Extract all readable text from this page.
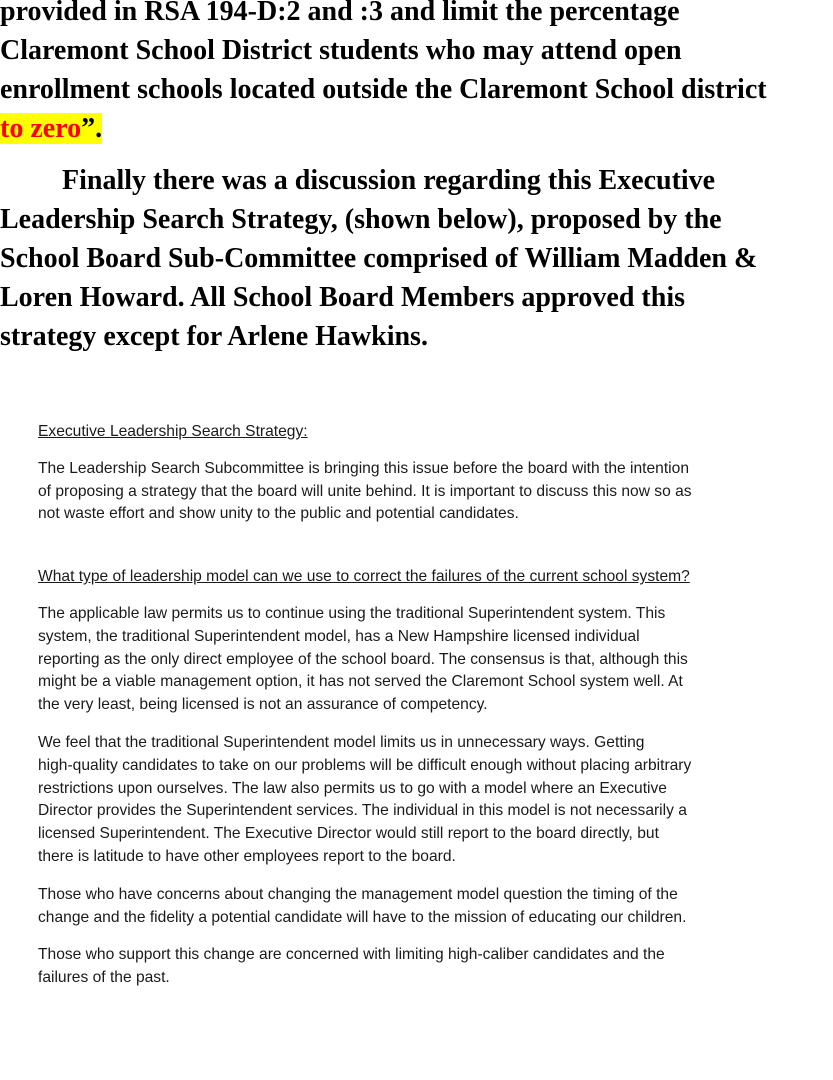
provided in RSA 194-D:2 and :3 and limit the percentage

Claremont School District students who may attend open

enrollment schools located outside the Claremont School district

to zero”.

Finally there was a discussion regarding this Executive

Leadership Search Strategy, (shown below), proposed by the

School Board Sub-Committee comprised of William Madden &

Loren Howard. All School Board Members approved this

strategy except for Arlene Hawkins.

Executive Leadership Search Strategy:

The Leadership Search Subcommittee is bringing this issue before the board with the intention

of proposing a strategy that the board will unite behind. It is important to discuss this now so as

not waste effort and show unity to the public and potential candidates.

What type of leadership model can we use to correct the failures of the current school system?

The applicable law permits us to continue using the traditional Superintendent system. This

system, the traditional Superintendent model, has a New Hampshire licensed individual

reporting as the only direct employee of the school board. The consensus is that, although this

might be a viable management option, it has not served the Claremont School system well. At

the very least, being licensed is not an assurance of competency.

We feel that the traditional Superintendent model limits us in unnecessary ways. Getting

high-quality candidates to take on our problems will be difficult enough without placing arbitrary

restrictions upon ourselves. The law also permits us to go with a model where an Executive

Director provides the Superintendent services. The individual in this model is not necessarily a

licensed Superintendent. The Executive Director would still report to the board directly, but

there is latitude to have other employees report to the board.

Those who have concerns about changing the management model question the timing of the

change and the fidelity a potential candidate will have to the mission of educating our children.

Those who support this change are concerned with limiting high-caliber candidates and the

failures of the past.
